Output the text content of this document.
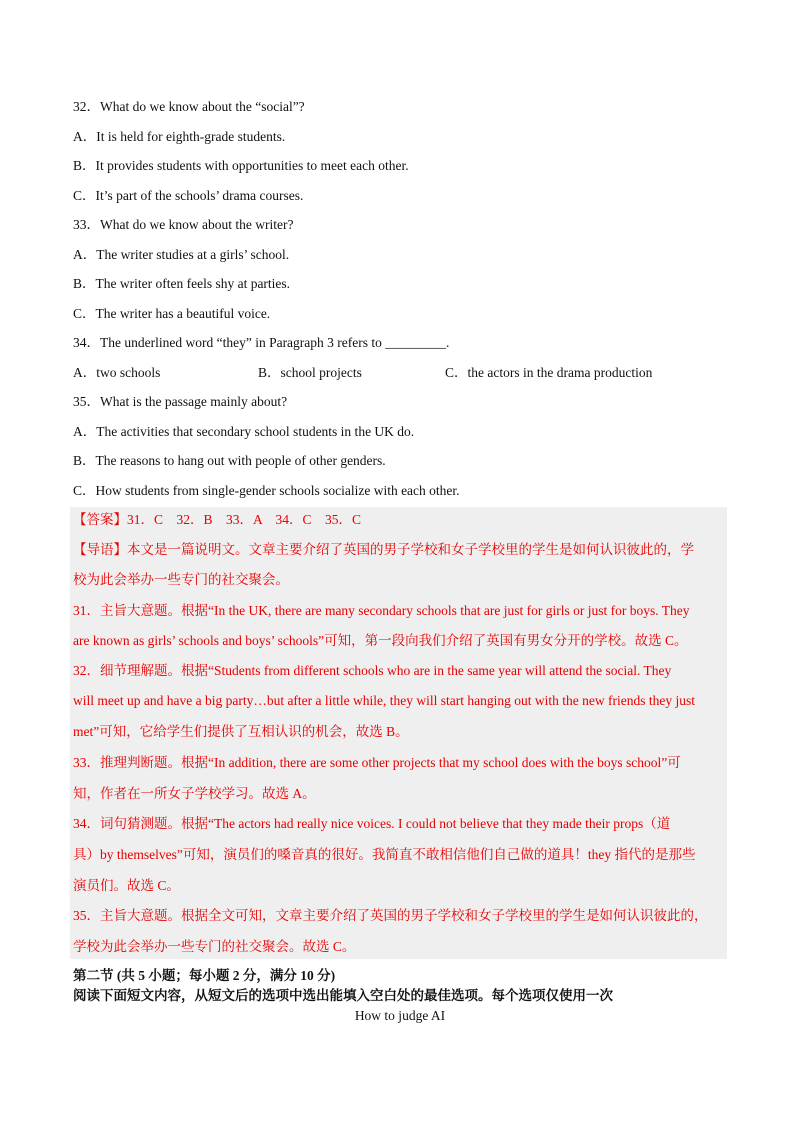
32．What do we know about the “social”?
A．It is held for eighth-grade students.
B．It provides students with opportunities to meet each other.
C．It’s part of the schools’ drama courses.
33．What do we know about the writer?
A．The writer studies at a girls’ school.
B．The writer often feels shy at parties.
C．The writer has a beautiful voice.
34．The underlined word “they” in Paragraph 3 refers to _________.
A．two schools	B．school projects	C．the actors in the drama production
35．What is the passage mainly about?
A．The activities that secondary school students in the UK do.
B．The reasons to hang out with people of other genders.
C．How students from single-gender schools socialize with each other.
【答案】31．C　32．B　33．A　34．C　35．C
【导语】本文是一篇说明文。文章主要介绍了英国的男子学校和女子学校里的学生是如何认识彼此的，学
校为此会举办一些专门的社交聚会。
31．主旨大意题。根据“In the UK, there are many secondary schools that are just for girls or just for boys. They
are known as girls’ schools and boys’ schools”可知，第一段向我们介绍了英国有男女分开的学校。故选 C。
32．细节理解题。根据“Students from different schools who are in the same year will attend the social. They
will meet up and have a big party…but after a little while, they will start hanging out with the new friends they just
met”可知，它给学生们提供了互相认识的机会，故选 B。
33．推理判断题。根据“In addition, there are some other projects that my school does with the boys school”可
知，作者在一所女子学校学习。故选 A。
34．词句猜测题。根据“The actors had really nice voices. I could not believe that they made their props（道
具）by themselves”可知，演员们的嗓音真的很好。我简直不敢相信他们自己做的道具！they 指代的是那些
演员们。故选 C。
35．主旨大意题。根据全文可知，文章主要介绍了英国的男子学校和女子学校里的学生是如何认识彼此的，
学校为此会举办一些专门的社交聚会。故选 C。
第二节 (共 5 小题；每小题 2 分，满分 10 分)
阅读下面短文内容，从短文后的选项中选出能填入空白处的最佳选项。每个选项仅使用一次
How to judge AI
